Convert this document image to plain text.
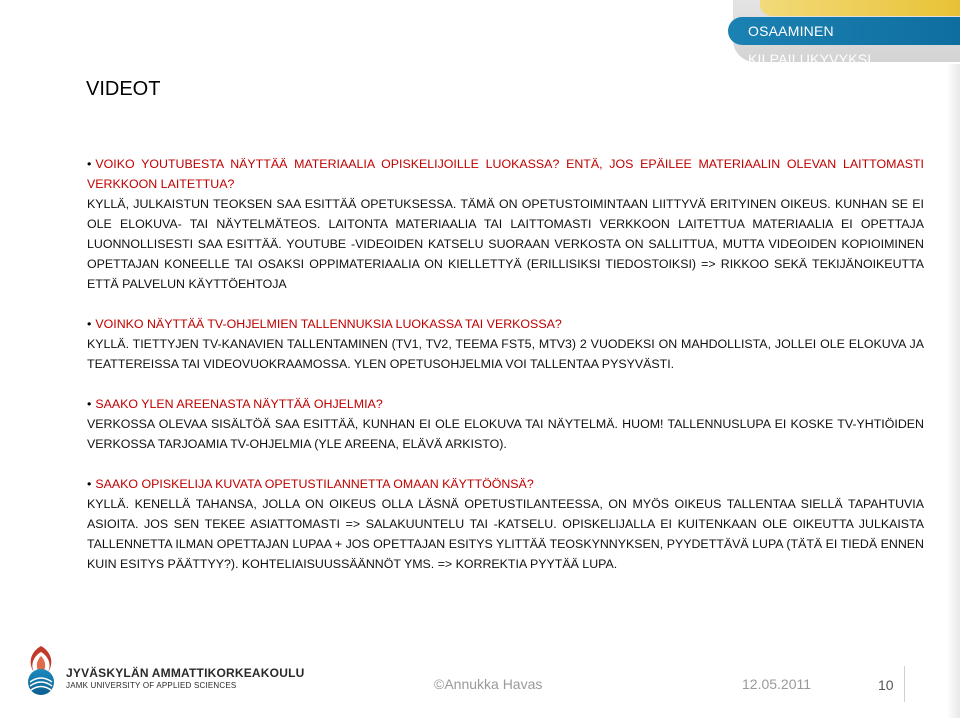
OSAAMINEN KILPAILUKYVYKSI
VIDEOT

• VOIKO YOUTUBESTA NÄYTTÄÄ MATERIAALIA OPISKELIJOILLE LUOKASSA? ENTÄ, JOS EPÄILEE MATERIAALIN OLEVAN LAITTOMASTI VERKKOON LAITETTUA?

KYLLÄ, JULKAISTUN TEOKSEN SAA ESITTÄÄ OPETUKSESSA. TÄMÄ ON OPETUSTOIMINTAAN LIITTYVÄ ERITYINEN OIKEUS. KUNHAN SE EI OLE ELOKUVA- TAI NÄYTELMÄTEOS. LAITONTA MATERIAALIA TAI LAITTOMASTI VERKKOON LAITETTUA MATERIAALIA EI OPETTAJA LUONNOLLISESTI SAA ESITTÄÄ. YOUTUBE -VIDEOIDEN KATSELU SUORAAN VERKOSTA ON SALLITTUA, MUTTA VIDEOIDEN KOPIOIMINEN OPETTAJAN KONEELLE TAI OSAKSI OPPIMATERIAALIA ON KIELLETTYÄ (ERILLISIKSI TIEDOSTOIKSI) => RIKKOO SEKÄ TEKIJÄNOIKEUTTA ETTÄ PALVELUN KÄYTTÖEHTOJA

• VOINKO NÄYTTÄÄ TV-OHJELMIEN TALLENNUKSIA LUOKASSA TAI VERKOSSA?

KYLLÄ. TIETTYJEN TV-KANAVIEN TALLENTAMINEN (TV1, TV2, TEEMA FST5, MTV3) 2 VUODEKSI ON MAHDOLLISTA, JOLLEI OLE ELOKUVA JA TEATTEREISSA TAI VIDEOVUOKRAAMOSSA. YLEN OPETUSOHJELMIA VOI TALLENTAA PYSYVÄSTI.

• SAAKO YLEN AREENASTA NÄYTTÄÄ OHJELMIA?

VERKOSSA OLEVAA SISÄLTÖÄ SAA ESITTÄÄ, KUNHAN EI OLE ELOKUVA TAI NÄYTELMÄ. HUOM! TALLENNUSLUPA EI KOSKE TV-YHTIÖIDEN VERKOSSA TARJOAMIA TV-OHJELMIA (YLE AREENA, ELÄVÄ ARKISTO).

• SAAKO OPISKELIJA KUVATA OPETUSTILANNETTA OMAAN KÄYTTÖÖNSÄ?

KYLLÄ. KENELLÄ TAHANSA, JOLLA ON OIKEUS OLLA LÄSNÄ OPETUSTILANTEESSA, ON MYÖS OIKEUS TALLENTAA SIELLÄ TAPAHTUVIA ASIOITA. JOS SEN TEKEE ASIATTOMASTI => SALAKUUNTELU TAI -KATSELU. OPISKELIJALLA EI KUITENKAAN OLE OIKEUTTA JULKAISTA TALLENNETTA ILMAN OPETTAJAN LUPAA + JOS OPETTAJAN ESITYS YLITTÄÄ TEOSKYNNYKSEN, PYYDETTÄVÄ LUPA (TÄTÄ EI TIEDÄ ENNEN KUIN ESITYS PÄÄTTYY?). KOHTELIAISUUSSÄÄNNÖT YMS. => KORREKTIA PYYTÄÄ LUPA.

JYVÄSKYLÄN AMMATTIKORKEAKOULU
JAMK UNIVERSITY OF APPLIED SCIENCES	©Annukka Havas	12.05.2011	10
